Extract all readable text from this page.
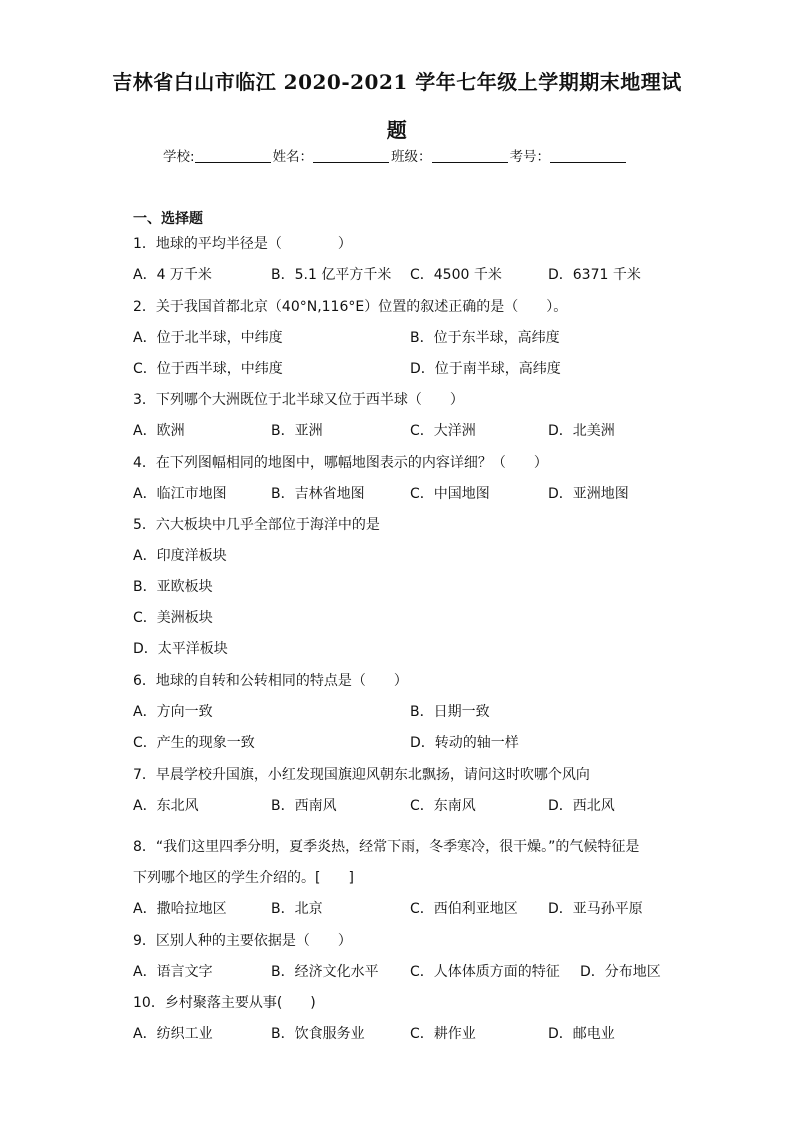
吉林省白山市临江 2020-2021 学年七年级上学期期末地理试
题
学校:	姓名：	班级：	考号：
一、选择题
1．地球的平均半径是（　　　　）
A．4 万千米	B．5.1 亿平方千米 C．4500 千米	D．6371 千米
2．关于我国首都北京（40°N,116°E）位置的叙述正确的是（　　）。
A．位于北半球，中纬度	B．位于东半球，高纬度
C．位于西半球，中纬度	D．位于南半球，高纬度
3．下列哪个大洲既位于北半球又位于西半球（　　）
A．欧洲	B．亚洲	C．大洋洲	D．北美洲
4．在下列图幅相同的地图中，哪幅地图表示的内容详细？（　　）
A．临江市地图	B．吉林省地图	C．中国地图	D．亚洲地图
5．六大板块中几乎全部位于海洋中的是
A．印度洋板块
B．亚欧板块
C．美洲板块
D．太平洋板块
6．地球的自转和公转相同的特点是（　　）
A．方向一致	B．日期一致
C．产生的现象一致	D．转动的轴一样
7．早晨学校升国旗，小红发现国旗迎风朝东北飘扬，请问这时吹哪个风向
A．东北风	B．西南风	C．东南风	D．西北风
8．“我们这里四季分明，夏季炎热，经常下雨，冬季寒冷，很干燥。”的气候特征是
下列哪个地区的学生介绍的。[　　]
A．撒哈拉地区	B．北京	C．西伯利亚地区 D．亚马孙平原
9．区别人种的主要依据是（　　）
A．语言文字	B．经济文化水平 C．人体体质方面的特征 D．分布地区
10．乡村聚落主要从事(　　)
A．纺织工业	B．饮食服务业	C．耕作业	D．邮电业
